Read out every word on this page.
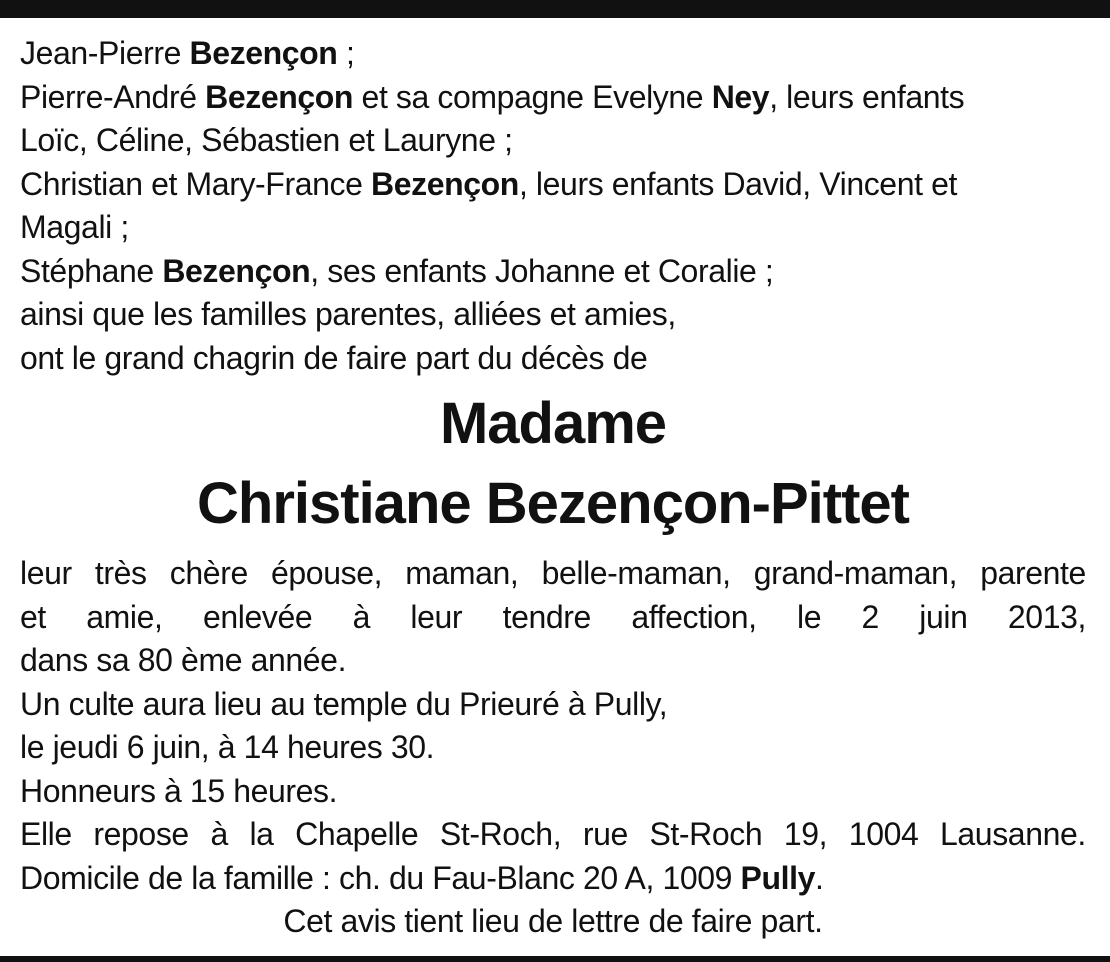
Jean-Pierre Bezençon ;
Pierre-André Bezençon et sa compagne Evelyne Ney, leurs enfants
Loïc, Céline, Sébastien et Lauryne ;
Christian et Mary-France Bezençon, leurs enfants David, Vincent et
Magali ;
Stéphane Bezençon, ses enfants Johanne et Coralie ;
ainsi que les familles parentes, alliées et amies,
ont le grand chagrin de faire part du décès de
Madame
Christiane Bezençon-Pittet
leur très chère épouse, maman, belle-maman, grand-maman, parente
et amie, enlevée à leur tendre affection, le 2 juin 2013,
dans sa 80 ème année.
Un culte aura lieu au temple du Prieuré à Pully,
le jeudi 6 juin, à 14 heures 30.
Honneurs à 15 heures.
Elle repose à la Chapelle St-Roch, rue St-Roch 19, 1004 Lausanne.
Domicile de la famille : ch. du Fau-Blanc 20 A, 1009 Pully.
Cet avis tient lieu de lettre de faire part.
